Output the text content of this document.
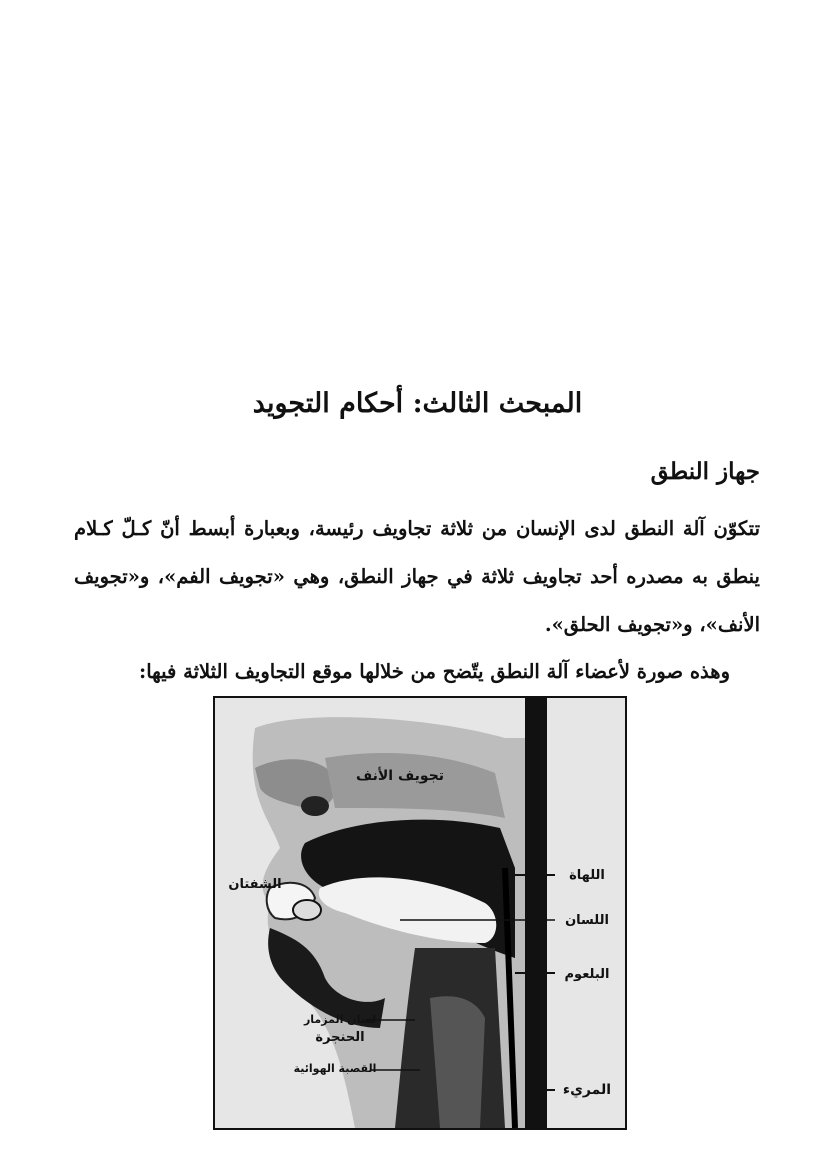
المبحث الثالث: أحكام التجويد
جهاز النطق
تتكوّن آلة النطق لدى الإنسان من ثلاثة تجاويف رئيسة، وبعبارة أبسط أنّ كـلّ كـلام ينطق به مصدره أحد تجاويف ثلاثة في جهاز النطق، وهي «تجويف الفم»، و«تجويف الأنف»، و«تجويف الحلق».
وهذه صورة لأعضاء آلة النطق يتّضح من خلالها موقع التجاويف الثلاثة فيها:
تجويف الأنف
الشفتان
اللهاة
اللسان
البلعوم
لسان المزمار
الحنجرة
القصبة الهوائية
المريء
